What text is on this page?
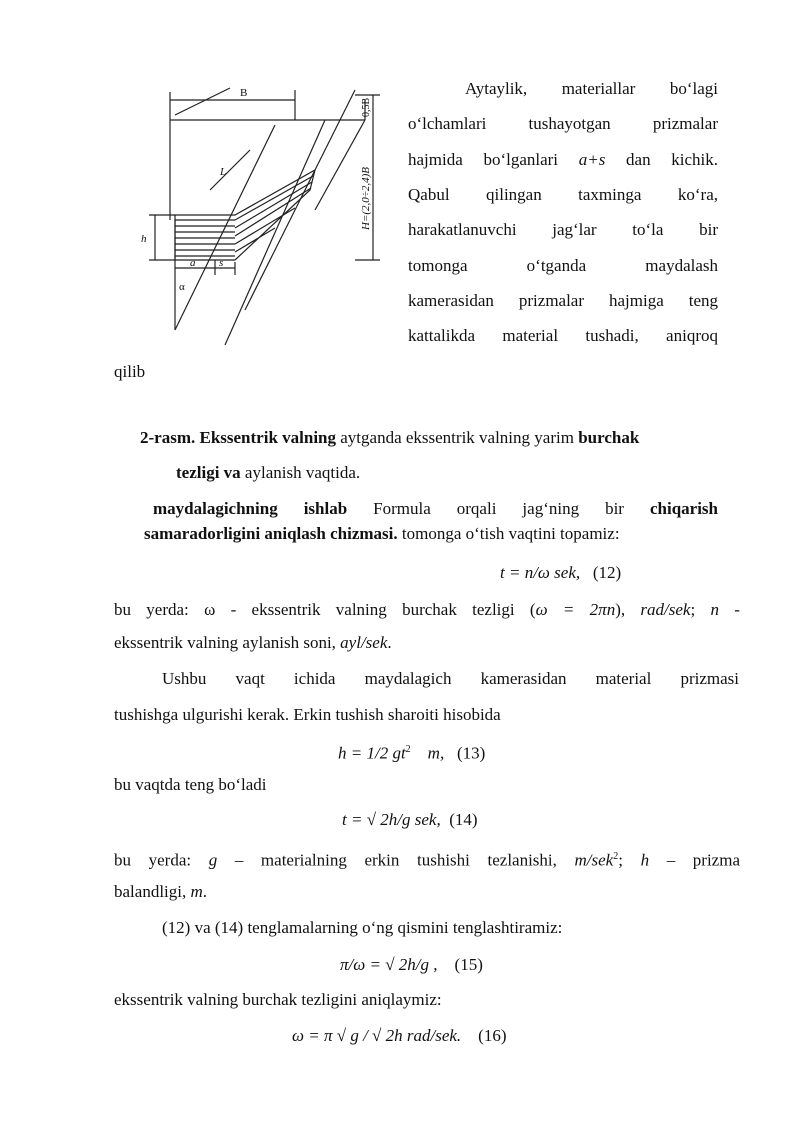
B
L
h
a s
α
H=(2,0÷2,4)B
0,5B
Aytaylik, materiallar bo‘lagi
o‘lchamlari tushayotgan prizmalar
hajmida bo‘lganlari a+s dan kichik.
Qabul qilingan taxminga ko‘ra,
harakatlanuvchi jag‘lar to‘la bir
tomonga o‘tganda maydalash
kamerasidan prizmalar hajmiga teng
kattalikda material tushadi, aniqroq
qilib
2-rasm. Ekssentrik valning aytganda ekssentrik valning yarim burchak
tezligi va aylanish vaqtida.
maydalagichning ishlab Formula orqali jag‘ning bir chiqarish
samaradorligini aniqlash chizmasi. tomonga o‘tish vaqtini topamiz:
t = n/ω sek, (12)
bu yerda: ω - ekssentrik valning burchak tezligi (ω = 2πn), rad/sek; n -
ekssentrik valning aylanish soni, ayl/sek.
Ushbu vaqt ichida maydalagich kamerasidan material prizmasi
tushishga ulgurishi kerak. Erkin tushish sharoiti hisobida
h = 1/2 $gt^2$    m, (13)
bu vaqtda teng bo‘ladi
t = √ 2h/g sek, (14)
bu yerda: g – materialning erkin tushishi tezlanishi, m/sek$^2$; h – prizma
balandligi, m.
(12) va (14) tenglamalarning o‘ng qismini tenglashtiramiz:
π/ω = √ 2h/g , (15)
ekssentrik valning burchak tezligini aniqlaymiz:
ω = π √ g / √ 2h rad/sek. (16)
